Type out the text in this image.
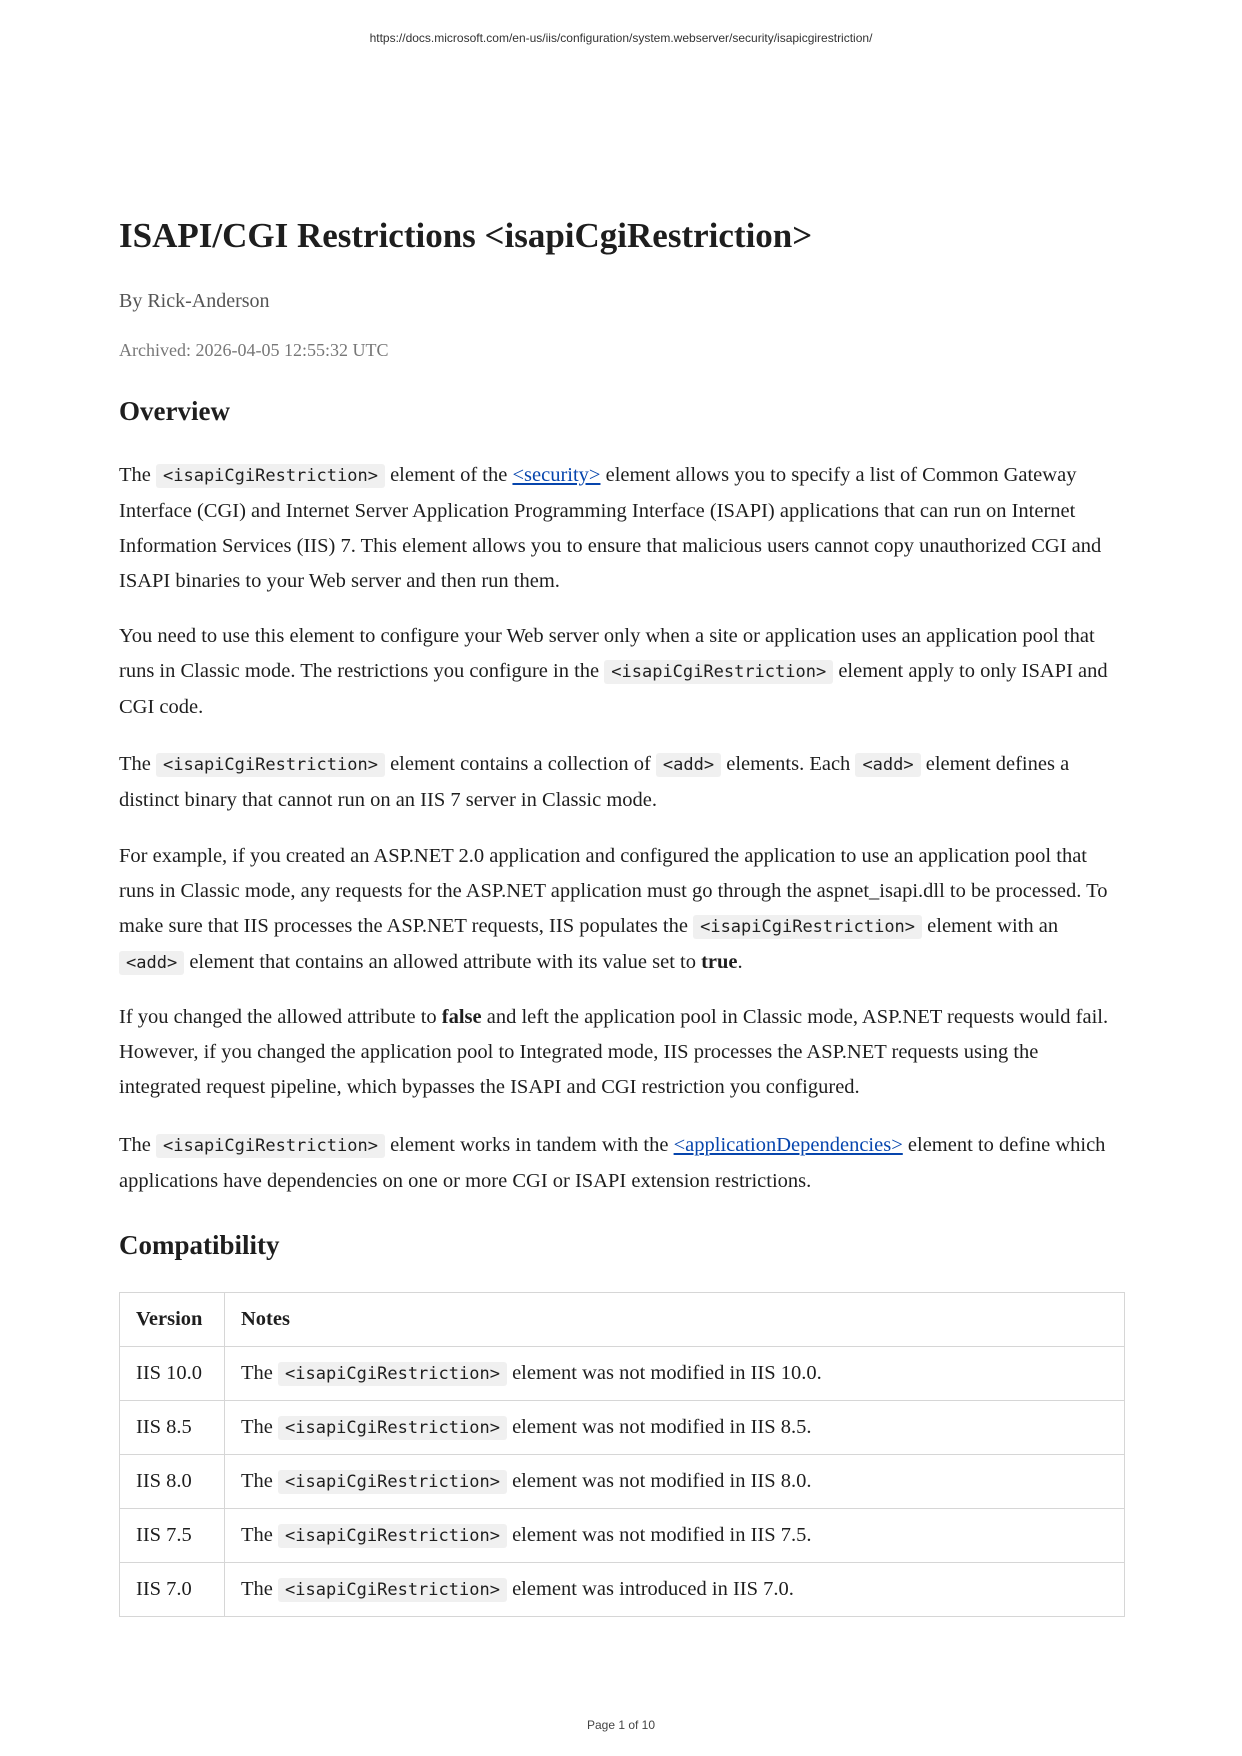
https://docs.microsoft.com/en-us/iis/configuration/system.webserver/security/isapicgirestriction/
ISAPI/CGI Restrictions <isapiCgiRestriction>

By Rick-Anderson

Archived: 2026-04-05 12:55:32 UTC

Overview

The <isapiCgiRestriction> element of the <security> element allows you to specify a list of Common Gateway Interface (CGI) and Internet Server Application Programming Interface (ISAPI) applications that can run on Internet Information Services (IIS) 7. This element allows you to ensure that malicious users cannot copy unauthorized CGI and ISAPI binaries to your Web server and then run them.

You need to use this element to configure your Web server only when a site or application uses an application pool that runs in Classic mode. The restrictions you configure in the <isapiCgiRestriction> element apply to only ISAPI and CGI code.

The <isapiCgiRestriction> element contains a collection of <add> elements. Each <add> element defines a distinct binary that cannot run on an IIS 7 server in Classic mode.

For example, if you created an ASP.NET 2.0 application and configured the application to use an application pool that runs in Classic mode, any requests for the ASP.NET application must go through the aspnet_isapi.dll to be processed. To make sure that IIS processes the ASP.NET requests, IIS populates the <isapiCgiRestriction> element with an <add> element that contains an allowed attribute with its value set to true.

If you changed the allowed attribute to false and left the application pool in Classic mode, ASP.NET requests would fail. However, if you changed the application pool to Integrated mode, IIS processes the ASP.NET requests using the integrated request pipeline, which bypasses the ISAPI and CGI restriction you configured.

The <isapiCgiRestriction> element works in tandem with the <applicationDependencies> element to define which applications have dependencies on one or more CGI or ISAPI extension restrictions.

Compatibility
Version	Notes
IIS 10.0	The <isapiCgiRestriction> element was not modified in IIS 10.0.
IIS 8.5	The <isapiCgiRestriction> element was not modified in IIS 8.5.
IIS 8.0	The <isapiCgiRestriction> element was not modified in IIS 8.0.
IIS 7.5	The <isapiCgiRestriction> element was not modified in IIS 7.5.
IIS 7.0	The <isapiCgiRestriction> element was introduced in IIS 7.0.
Page 1 of 10
